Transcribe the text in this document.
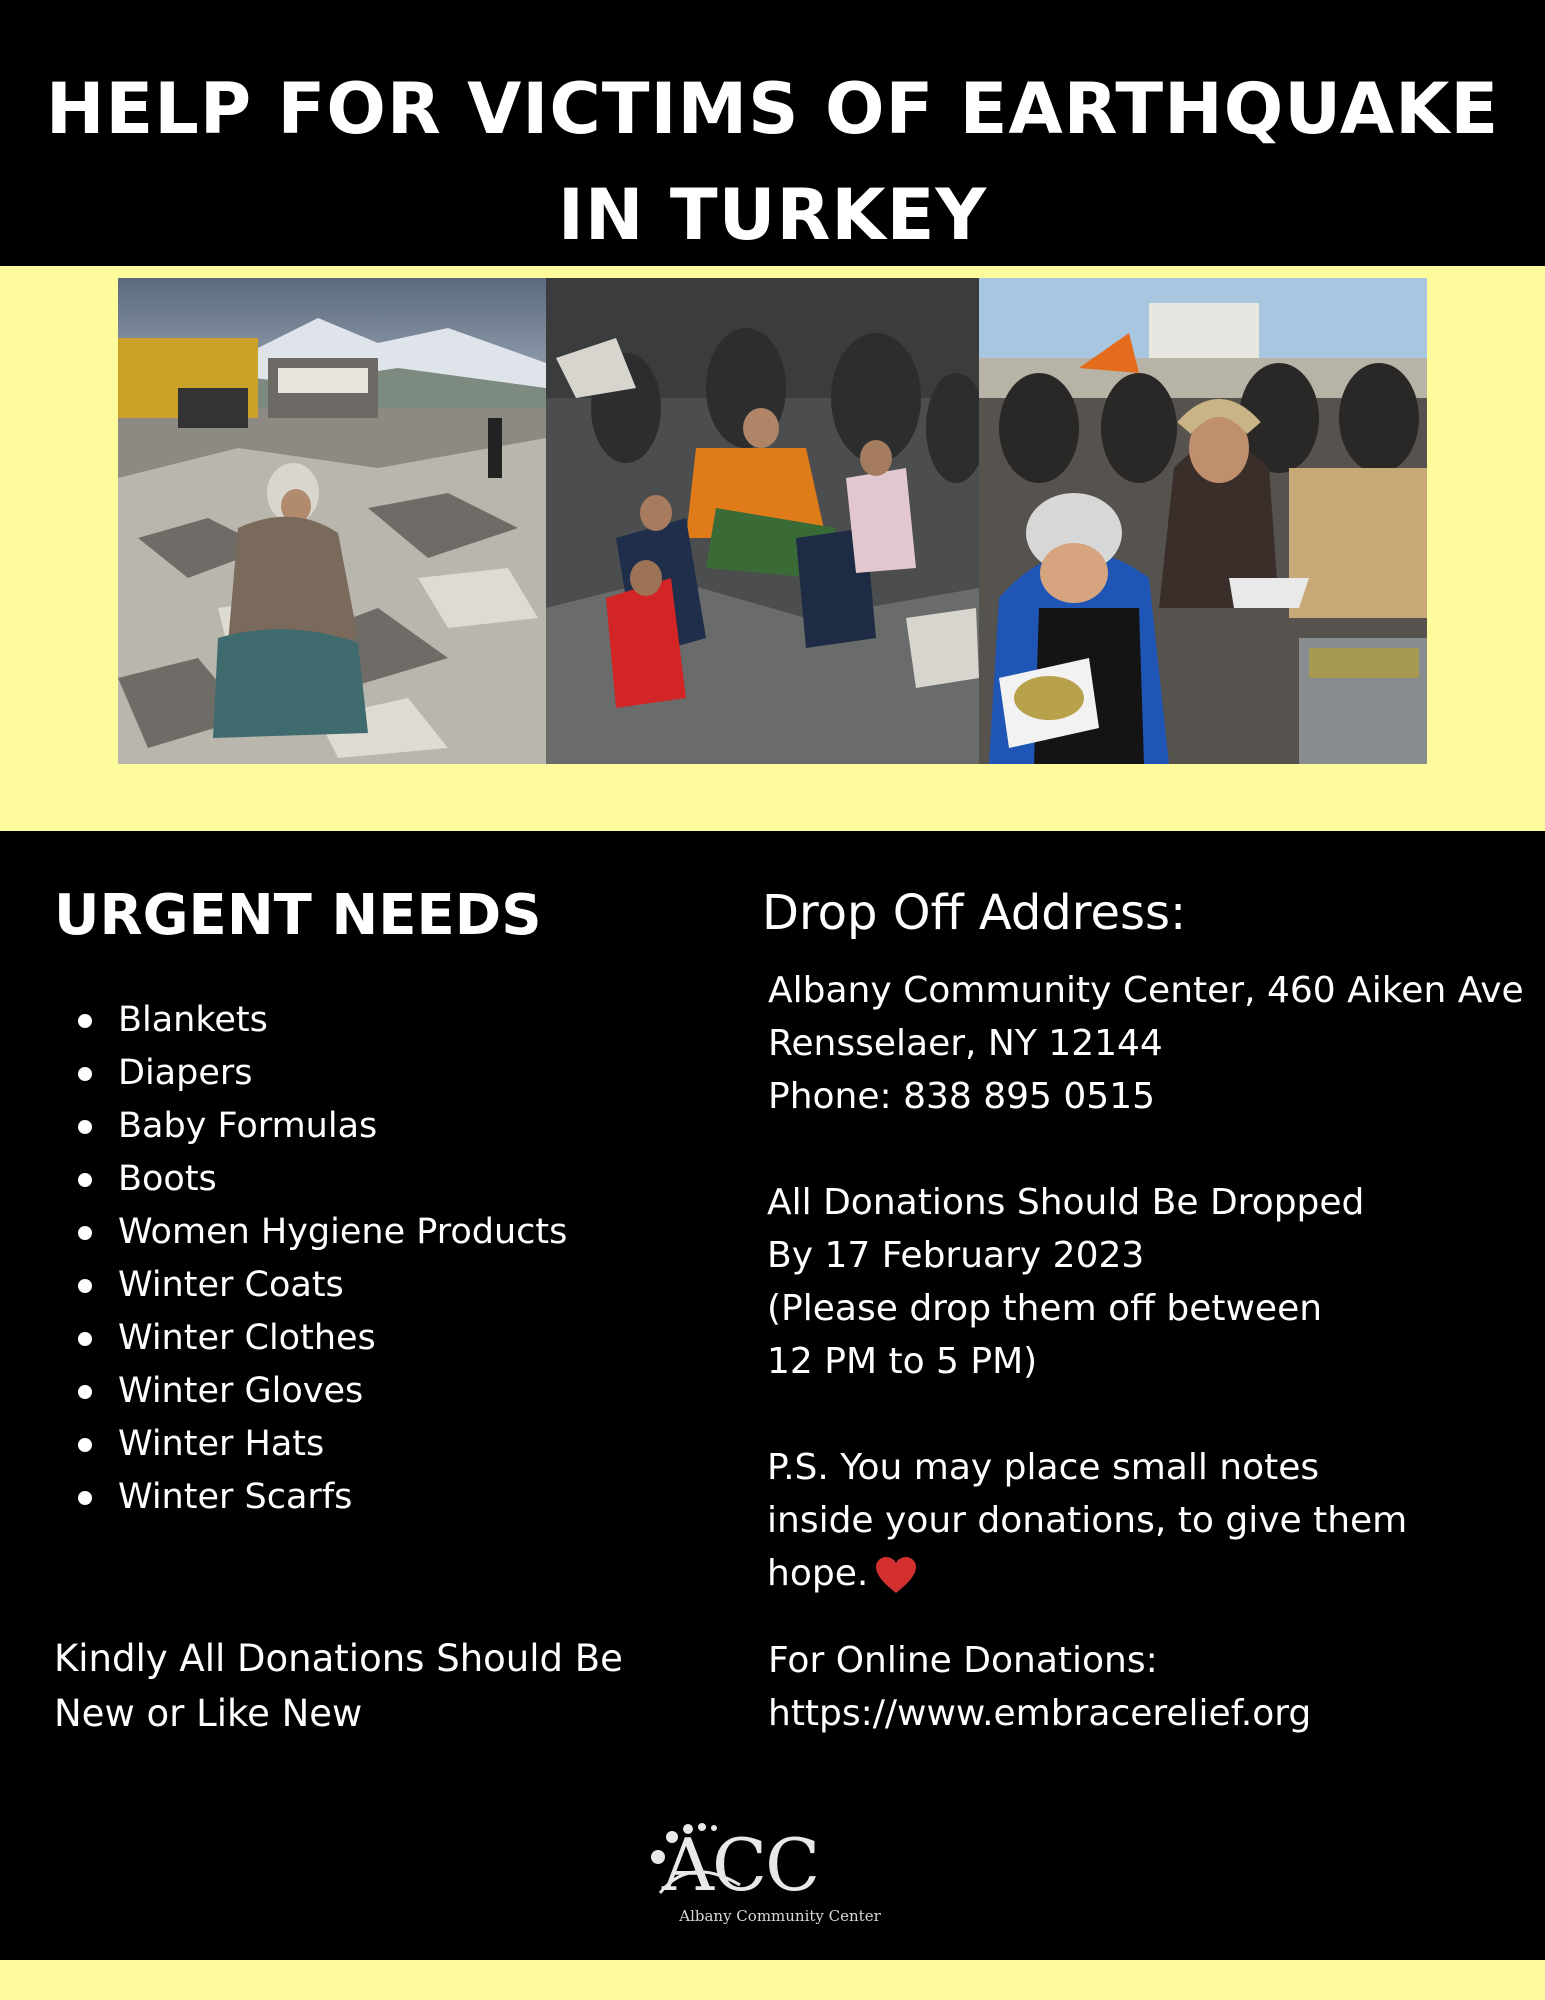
HELP FOR VICTIMS OF EARTHQUAKE
IN TURKEY
URGENT NEEDS
Blankets
Diapers
Baby Formulas
Boots
Women Hygiene Products
Winter Coats
Winter Clothes
Winter Gloves
Winter Hats
Winter Scarfs
Kindly All Donations Should Be
New or Like New
Drop Off Address:
Albany Community Center, 460 Aiken Ave
Rensselaer, NY 12144
Phone: 838 895 0515
All Donations Should Be Dropped
By 17 February 2023
(Please drop them off between
12 PM to 5 PM)
P.S. You may place small notes
inside your donations, to give them
hope.
For Online Donations:
https://www.embracerelief.org
ACC
Albany Community Center
